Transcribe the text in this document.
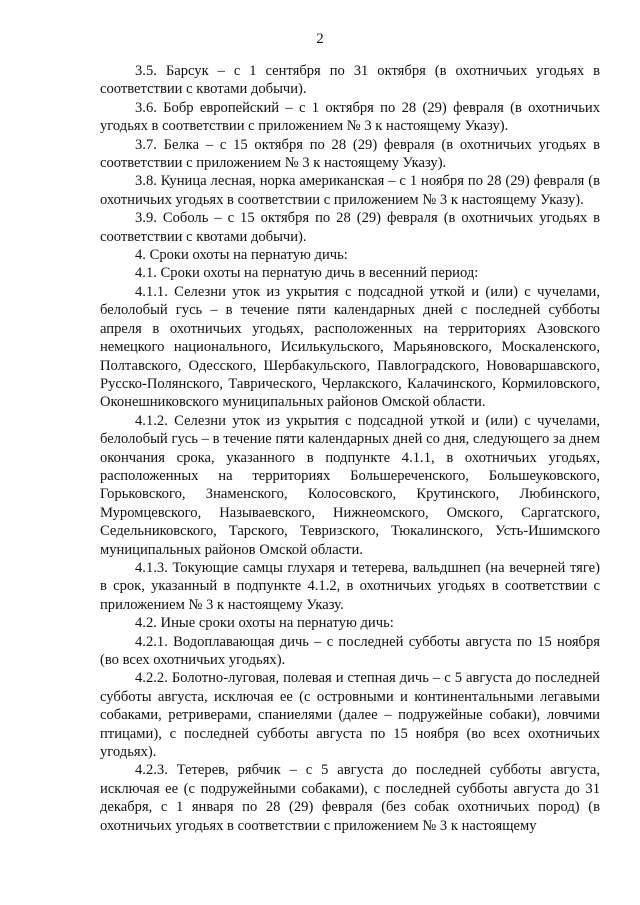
2

3.5. Барсук – с 1 сентября по 31 октября (в охотничьих угодьях в соответствии с квотами добычи).

3.6. Бобр европейский – с 1 октября по 28 (29) февраля (в охотничьих угодьях в соответствии с приложением № 3 к настоящему Указу).

3.7. Белка – с 15 октября по 28 (29) февраля (в охотничьих угодьях в соответствии с приложением № 3 к настоящему Указу).

3.8. Куница лесная, норка американская – с 1 ноября по 28 (29) февраля (в охотничьих угодьях в соответствии с приложением № 3 к настоящему Указу).

3.9. Соболь – с 15 октября по 28 (29) февраля (в охотничьих угодьях в соответствии с квотами добычи).

4. Сроки охоты на пернатую дичь:

4.1. Сроки охоты на пернатую дичь в весенний период:

4.1.1. Селезни уток из укрытия с подсадной уткой и (или) с чучелами, белолобый гусь – в течение пяти календарных дней с последней субботы апреля в охотничьих угодьях, расположенных на территориях Азовского немецкого национального, Исилькульского, Марьяновского, Москаленского, Полтавского, Одесского, Шербакульского, Павлоградского, Нововаршавского, Русско-Полянского, Таврического, Черлакского, Калачинского, Кормиловского, Оконешниковского муниципальных районов Омской области.

4.1.2. Селезни уток из укрытия с подсадной уткой и (или) с чучелами, белолобый гусь – в течение пяти календарных дней со дня, следующего за днем окончания срока, указанного в подпункте 4.1.1, в охотничьих угодьях, расположенных на территориях Большереченского, Большеуковского, Горьковского, Знаменского, Колосовского, Крутинского, Любинского, Муромцевского, Называевского, Нижнеомского, Омского, Саргатского, Седельниковского, Тарского, Тевризского, Тюкалинского, Усть-Ишимского муниципальных районов Омской области.

4.1.3. Токующие самцы глухаря и тетерева, вальдшнеп (на вечерней тяге) в срок, указанный в подпункте 4.1.2, в охотничьих угодьях в соответствии с приложением № 3 к настоящему Указу.

4.2. Иные сроки охоты на пернатую дичь:

4.2.1. Водоплавающая дичь – с последней субботы августа по 15 ноября (во всех охотничьих угодьях).

4.2.2. Болотно-луговая, полевая и степная дичь – с 5 августа до последней субботы августа, исключая ее (с островными и континентальными легавыми собаками, ретриверами, спаниелями (далее – подружейные собаки), ловчими птицами), с последней субботы августа по 15 ноября (во всех охотничьих угодьях).

4.2.3. Тетерев, рябчик – с 5 августа до последней субботы августа, исключая ее (с подружейными собаками), с последней субботы августа до 31 декабря, с 1 января по 28 (29) февраля (без собак охотничьих пород) (в охотничьих угодьях в соответствии с приложением № 3 к настоящему
